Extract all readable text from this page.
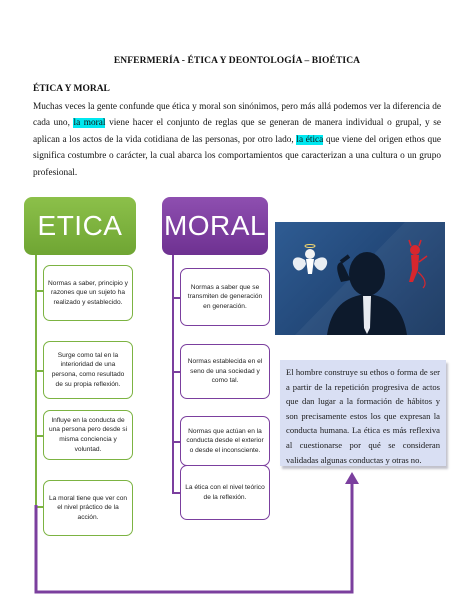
ENFERMERÍA - ÉTICA Y DEONTOLOGÍA – BIOÉTICA
ÉTICA Y MORAL

Muchas veces la gente confunde que ética y moral son sinónimos, pero más allá podemos ver la diferencia de cada uno, la moral viene hacer el conjunto de reglas que se generan de manera individual o grupal, y se aplican a los actos de la vida cotidiana de las personas, por otro lado, la ética que viene del origen ethos que significa costumbre o carácter, la cual abarca los comportamientos que caracterizan a una cultura o un grupo profesional.

ETICA
Normas a saber, principio y razones que un sujeto ha realizado y establecido.
Surge como tal en la interioridad de una persona, como resultado de su propia reflexión.
Influye en la conducta de una persona pero desde si misma conciencia y voluntad.
La moral tiene que ver con el nivel práctico de la acción.
MORAL
Normas a saber que se transmiten de generación en generación.
Normas establecida en el seno de una sociedad y como tal.
Normas que actúan en la conducta desde el exterior o desde el inconsciente.
La ética con el nivel teórico de la reflexión.
El hombre construye su ethos o forma de ser a partir de la repetición progresiva de actos que dan lugar a la formación de hábitos y son precisamente estos los que expresan la conducta humana. La ética es más reflexiva al cuestionarse por qué se consideran validadas algunas conductas y otras no.
